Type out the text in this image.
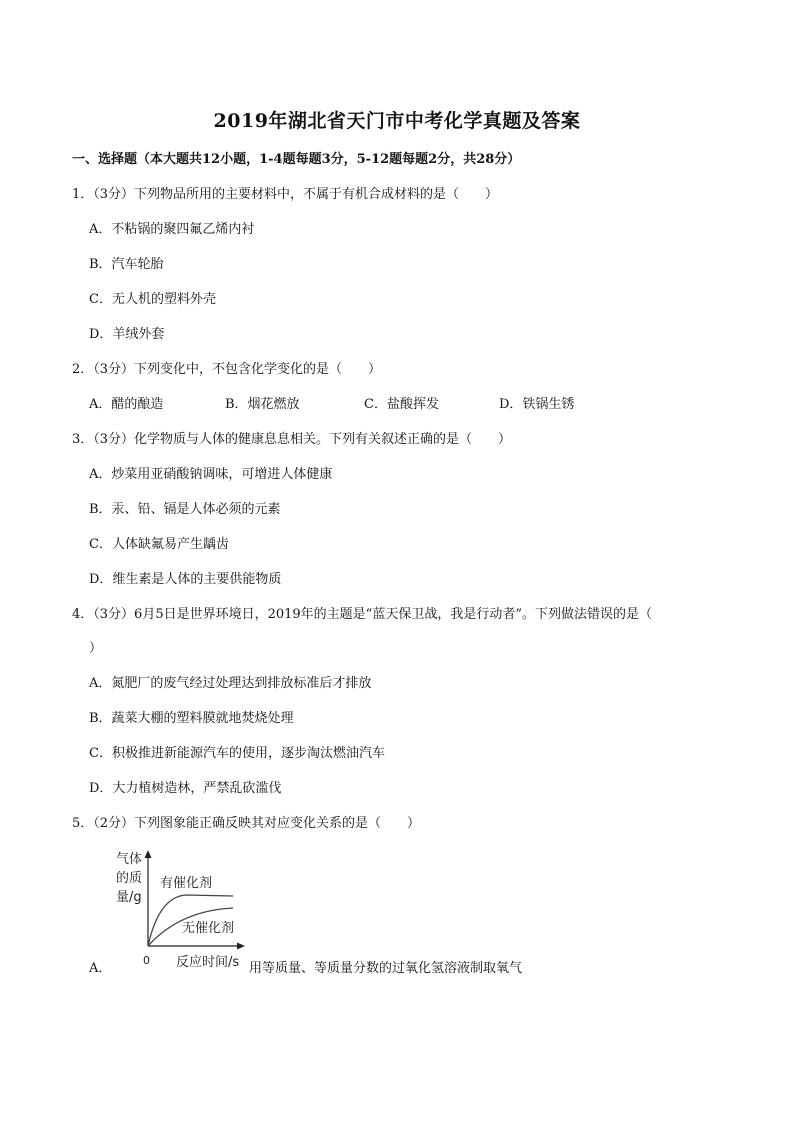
2019年湖北省天门市中考化学真题及答案
一、选择题（本大题共12小题，1-4题每题3分，5-12题每题2分，共28分）
1．（3分）下列物品所用的主要材料中，不属于有机合成材料的是（　　）
A．不粘锅的聚四氟乙烯内衬
B．汽车轮胎
C．无人机的塑料外壳
D．羊绒外套
2．（3分）下列变化中，不包含化学变化的是（　　）
A．醋的酿造	B．烟花燃放	C．盐酸挥发	D．铁锅生锈
3．（3分）化学物质与人体的健康息息相关。下列有关叙述正确的是（　　）
A．炒菜用亚硝酸钠调味，可增进人体健康
B．汞、铅、镉是人体必须的元素
C．人体缺氟易产生龋齿
D．维生素是人体的主要供能物质
4．（3分）6月5日是世界环境日，2019年的主题是“蓝天保卫战，我是行动者”。下列做法错误的是（
）
A．氮肥厂的废气经过处理达到排放标准后才排放
B．蔬菜大棚的塑料膜就地焚烧处理
C．积极推进新能源汽车的使用，逐步淘汰燃油汽车
D．大力植树造林，严禁乱砍滥伐
5．（2分）下列图象能正确反映其对应变化关系的是（　　）
气体
的质
量/g
有催化剂
无催化剂
0 反应时间/s
A．	用等质量、等质量分数的过氧化氢溶液制取氧气
